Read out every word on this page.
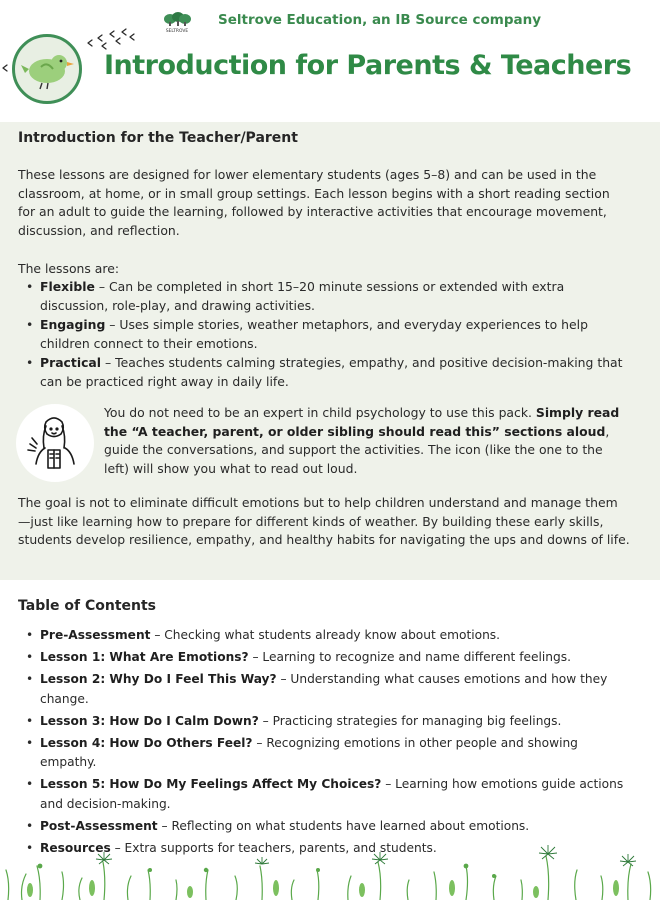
SELTROVE
Seltrove Education, an IB Source company
Introduction for Parents & Teachers
Introduction for the Teacher/Parent
These lessons are designed for lower elementary students (ages 5–8) and can be used in the classroom, at home, or in small group settings. Each lesson begins with a short reading section for an adult to guide the learning, followed by interactive activities that encourage movement, discussion, and reflection.
The lessons are:
• Flexible – Can be completed in short 15–20 minute sessions or extended with extra discussion, role-play, and drawing activities.
• Engaging – Uses simple stories, weather metaphors, and everyday experiences to help children connect to their emotions.
• Practical – Teaches students calming strategies, empathy, and positive decision-making that can be practiced right away in daily life.
You do not need to be an expert in child psychology to use this pack. Simply read the “A teacher, parent, or older sibling should read this” sections aloud, guide the conversations, and support the activities. The icon (like the one to the left) will show you what to read out loud.
The goal is not to eliminate difficult emotions but to help children understand and manage them—just like learning how to prepare for different kinds of weather. By building these early skills, students develop resilience, empathy, and healthy habits for navigating the ups and downs of life.
Table of Contents
• Pre-Assessment – Checking what students already know about emotions.
• Lesson 1: What Are Emotions? – Learning to recognize and name different feelings.
• Lesson 2: Why Do I Feel This Way? – Understanding what causes emotions and how they change.
• Lesson 3: How Do I Calm Down? – Practicing strategies for managing big feelings.
• Lesson 4: How Do Others Feel? – Recognizing emotions in other people and showing empathy.
• Lesson 5: How Do My Feelings Affect My Choices? – Learning how emotions guide actions and decision-making.
• Post-Assessment – Reflecting on what students have learned about emotions.
• Resources – Extra supports for teachers, parents, and students.
